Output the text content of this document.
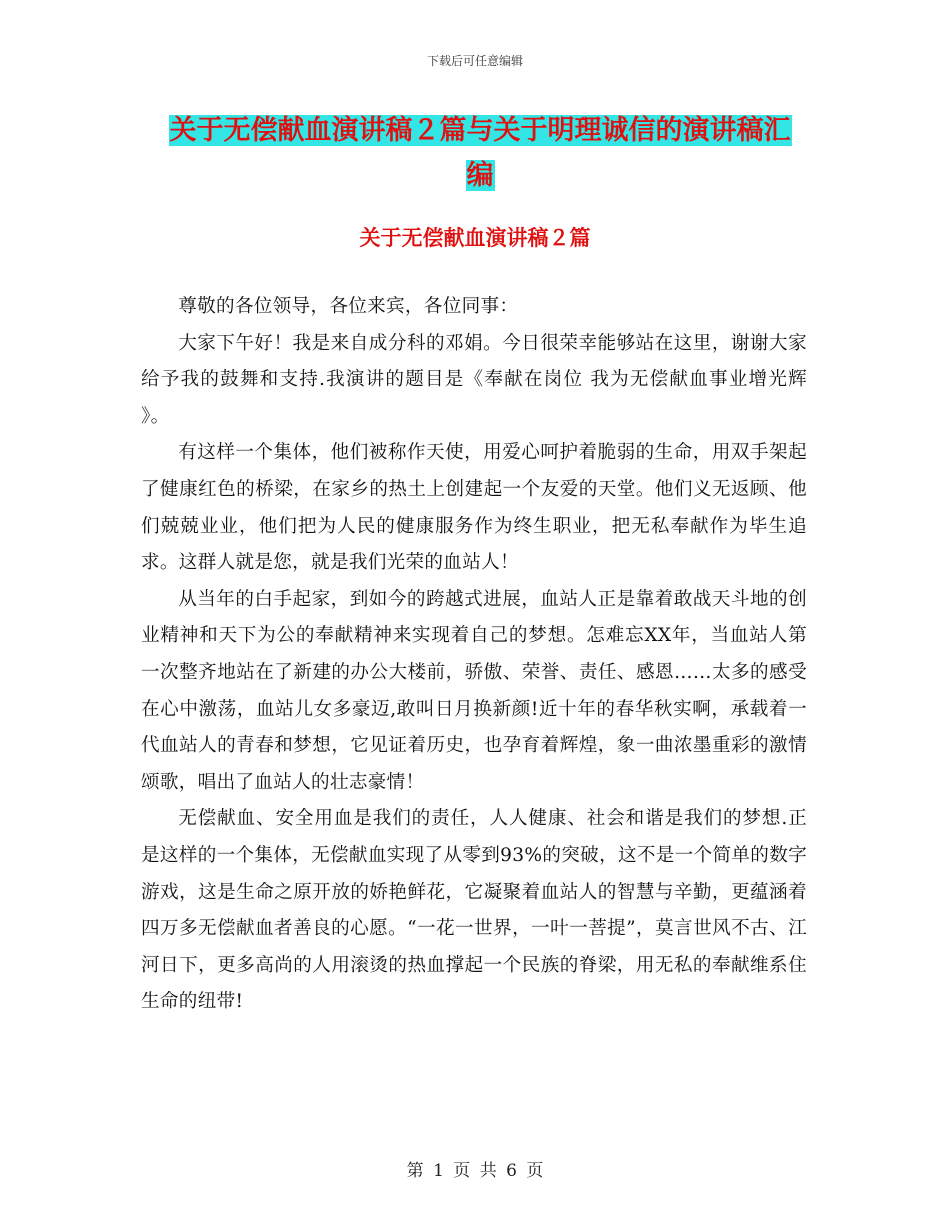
下载后可任意编辑
关于无偿献血演讲稿２篇与关于明理诚信的演讲稿汇
编
关于无偿献血演讲稿２篇

尊敬的各位领导，各位来宾，各位同事：

大家下午好！我是来自成分科的邓娟。今日很荣幸能够站在这里，谢谢大家给予我的鼓舞和支持.我演讲的题目是《奉献在岗位 我为无偿献血事业增光辉 》。

有这样一个集体，他们被称作天使，用爱心呵护着脆弱的生命，用双手架起了健康红色的桥梁，在家乡的热土上创建起一个友爱的天堂。他们义无返顾、他们兢兢业业，他们把为人民的健康服务作为终生职业，把无私奉献作为毕生追求。这群人就是您，就是我们光荣的血站人！

从当年的白手起家，到如今的跨越式进展，血站人正是靠着敢战天斗地的创业精神和天下为公的奉献精神来实现着自己的梦想。怎难忘XX年，当血站人第一次整齐地站在了新建的办公大楼前，骄傲、荣誉、责任、感恩……太多的感受在心中激荡，血站儿女多豪迈,敢叫日月换新颜!近十年的春华秋实啊，承载着一代血站人的青春和梦想，它见证着历史，也孕育着辉煌，象一曲浓墨重彩的激情颂歌，唱出了血站人的壮志豪情！

无偿献血、安全用血是我们的责任，人人健康、社会和谐是我们的梦想.正是这样的一个集体，无偿献血实现了从零到93%的突破，这不是一个简单的数字游戏，这是生命之原开放的娇艳鲜花，它凝聚着血站人的智慧与辛勤，更蕴涵着四万多无偿献血者善良的心愿。“一花一世界，一叶一菩提”，莫言世风不古、江河日下，更多高尚的人用滚烫的热血撑起一个民族的脊梁，用无私的奉献维系住生命的纽带!

第 1 页 共 6 页
